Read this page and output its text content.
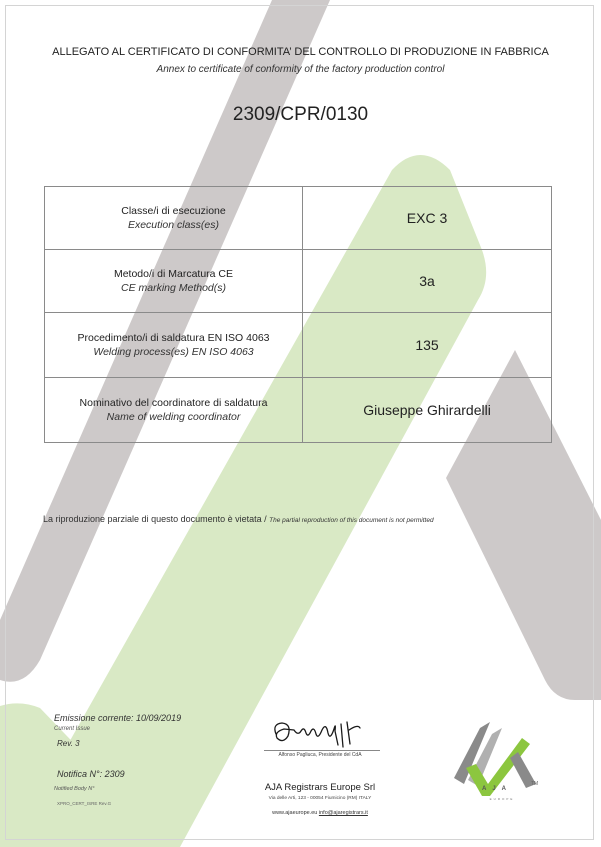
ALLEGATO AL CERTIFICATO DI CONFORMITA’ DEL CONTROLLO DI PRODUZIONE IN FABBRICA
Annex to certificate of conformity of the factory production control
2309/CPR/0130
Classe/i di esecuzione
Execution class(es)	EXC 3

Metodo/i di Marcatura CE
CE marking Method(s)	3a

Procedimento/i di saldatura EN ISO 4063
Welding process(es) EN ISO 4063	135

Nominativo del coordinatore di saldatura
Name of welding coordinator	Giuseppe Ghirardelli
La riproduzione parziale di questo documento è vietata / The partial reproduction of this document is not permitted
Emissione corrente: 10/09/2019
Current Issue
Rev. 3
Notifica N°: 2309
Notified Body N°
XPRO_CERT_ISRE Rev.G
Alfonso Pagliuca, Presidente del CdA
AJA Registrars Europe Srl
Via delle Arti, 123 - 00054 Fiumicino (RM) ITALY
www.ajaeurope.eu info@ajaregistrars.it
AJA
EUROPE
TM
